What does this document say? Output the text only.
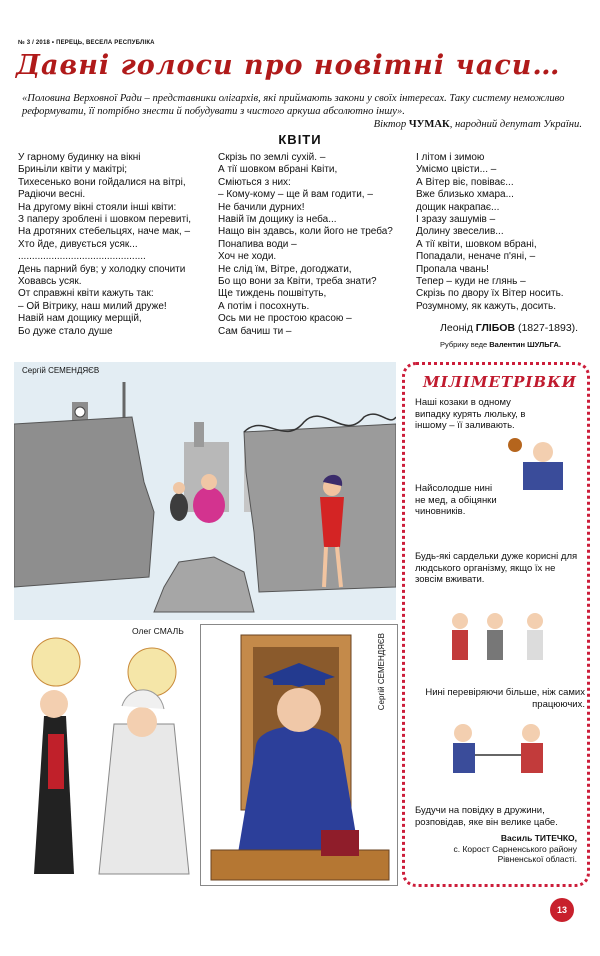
№ 3 / 2018 • ПЕРЕЦЬ, ВЕСЕЛА РЕСПУБЛІКА
Давні голоси про новітні часи…
«Половина Верховної Ради – представники олігархів, які приймають закони у своїх інтересах. Таку систему неможливо реформувати, її потрібно знести й побудувати з чистого аркуша абсолютно іншу».
Віктор ЧУМАК, народний депутат України.
КВІТИ
У гарному будинку на вікні
Брињіли квіти у макітрі;
Тихесенько вони гойдалися на вітрі,
Радіючи весні.
На другому вікні стояли інші квіти:
З паперу зроблені і шовком перевиті,
На дротяних стебельцях, наче мак, –
Хто йде, дивується усяк...
..............................................
День парний був; у холодку спочити
Ховавсь усяк.
От справжні квіти кажуть так:
– Ой Вітрику, наш милий друже!
Навій нам дощику мерщій,
Бо дуже стало душе
Скрізь по землі сухій. –
А тії шовком вбрані Квіти,
Сміються з них:
– Кому-кому – ще й вам годити, –
Не бачили дурних!
Навій їм дощику із неба...
Нащо він здавсь, коли його не треба?
Понапива води –
Хоч не ходи.
Не слід їм, Вітре, догоджати,
Бо що вони за Квіти, треба знати?
Ще тиждень пошвітуть,
А потім і посохнуть.
Ось ми не простою красою –
Сам бачиш ти –
І літом і зимою
Умісмо цвісти... –
А Вітер віє, повіває...
Вже близько хмара...
дощик накрапає...
І зразу зашумів –
Долину звеселив...
А тії квіти, шовком вбрані,
Попадали, неначе п'яні, –
Пропала чвань!
Тепер – куди не глянь –
Скрізь по двору їх Вітер носить.
Розумному, як кажуть, досить.
Леонід ГЛІБОВ (1827-1893).
Рубрику веде Валентин ШУЛЬГА.
Сергій СЕМЕНДЯЄВ
Олег СМАЛЬ
Сергій СЕМЕНДЯЄВ
МІЛІМЕТРІВКИ
Наші козаки в одному випадку курять люльку, в іншому – її заливають.
Найсолодше нині не мед, а обіцянки чиновників.
Будь-які сардельки дуже корисні для людського організму, якщо їх не зовсім вживати.
Нині перевіряючи більше, ніж самих працюючих.
Будучи на повідку в дружини, розповідав, яке він велике цабе.
Василь ТИТЕЧКО,
с. Корост Сарненського району
Рівненської області.
13
